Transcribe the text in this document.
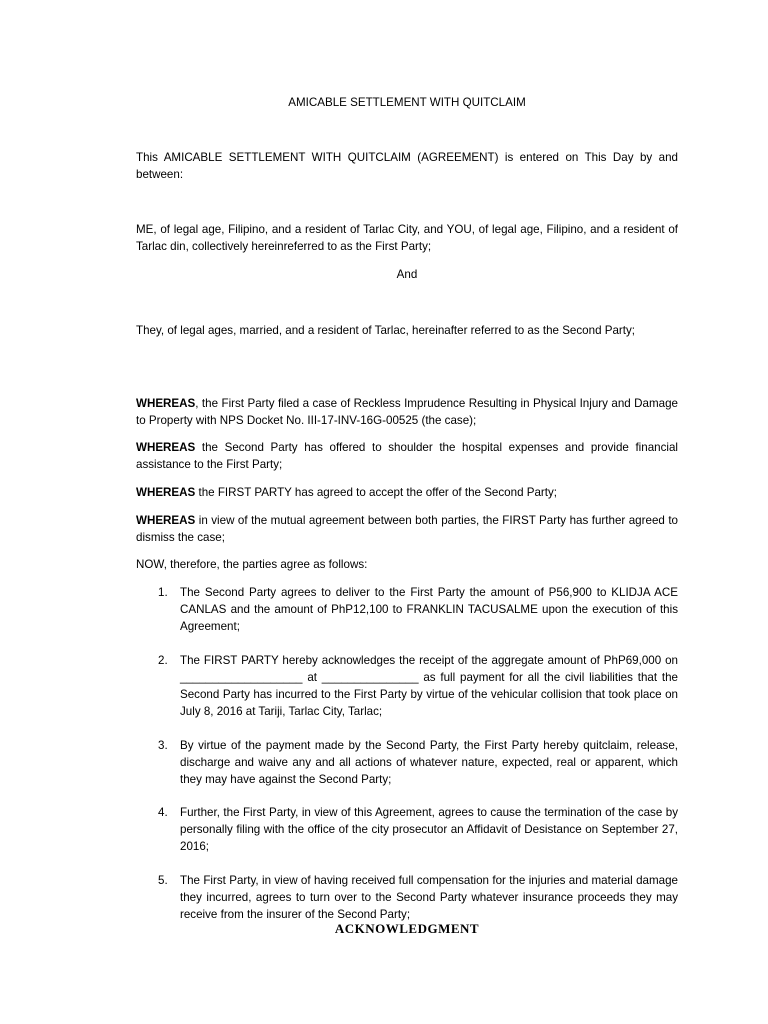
AMICABLE SETTLEMENT WITH QUITCLAIM

This AMICABLE SETTLEMENT WITH QUITCLAIM (AGREEMENT) is entered on This Day by and between:

ME, of legal age, Filipino, and a resident of Tarlac City, and YOU, of legal age, Filipino, and a resident of Tarlac din, collectively hereinreferred to as the First Party;

And

They, of legal ages, married, and a resident of Tarlac, hereinafter referred to as the Second Party;

WHEREAS, the First Party filed a case of Reckless Imprudence Resulting in Physical Injury and Damage to Property with NPS Docket No. III-17-INV-16G-00525 (the case);

WHEREAS the Second Party has offered to shoulder the hospital expenses and provide financial assistance to the First Party;

WHEREAS the FIRST PARTY has agreed to accept the offer of the Second Party;

WHEREAS in view of the mutual agreement between both parties, the FIRST Party has further agreed to dismiss the case;

NOW, therefore, the parties agree as follows:

1.	The Second Party agrees to deliver to the First Party the amount of P56,900 to KLIDJA ACE CANLAS and the amount of PhP12,100 to FRANKLIN TACUSALME upon the execution of this Agreement;

2.	The FIRST PARTY hereby acknowledges the receipt of the aggregate amount of PhP69,000 on ___________________ at _______________ as full payment for all the civil liabilities that the Second Party has incurred to the First Party by virtue of the vehicular collision that took place on July 8, 2016 at Tariji, Tarlac City, Tarlac;

3.	By virtue of the payment made by the Second Party, the First Party hereby quitclaim, release, discharge and waive any and all actions of whatever nature, expected, real or apparent, which they may have against the Second Party;

4.	Further, the First Party, in view of this Agreement, agrees to cause the termination of the case by personally filing with the office of the city prosecutor an Affidavit of Desistance on September 27, 2016;

5.	The First Party, in view of having received full compensation for the injuries and material damage they incurred, agrees to turn over to the Second Party whatever insurance proceeds they may receive from the insurer of the Second Party;

ACKNOWLEDGMENT
